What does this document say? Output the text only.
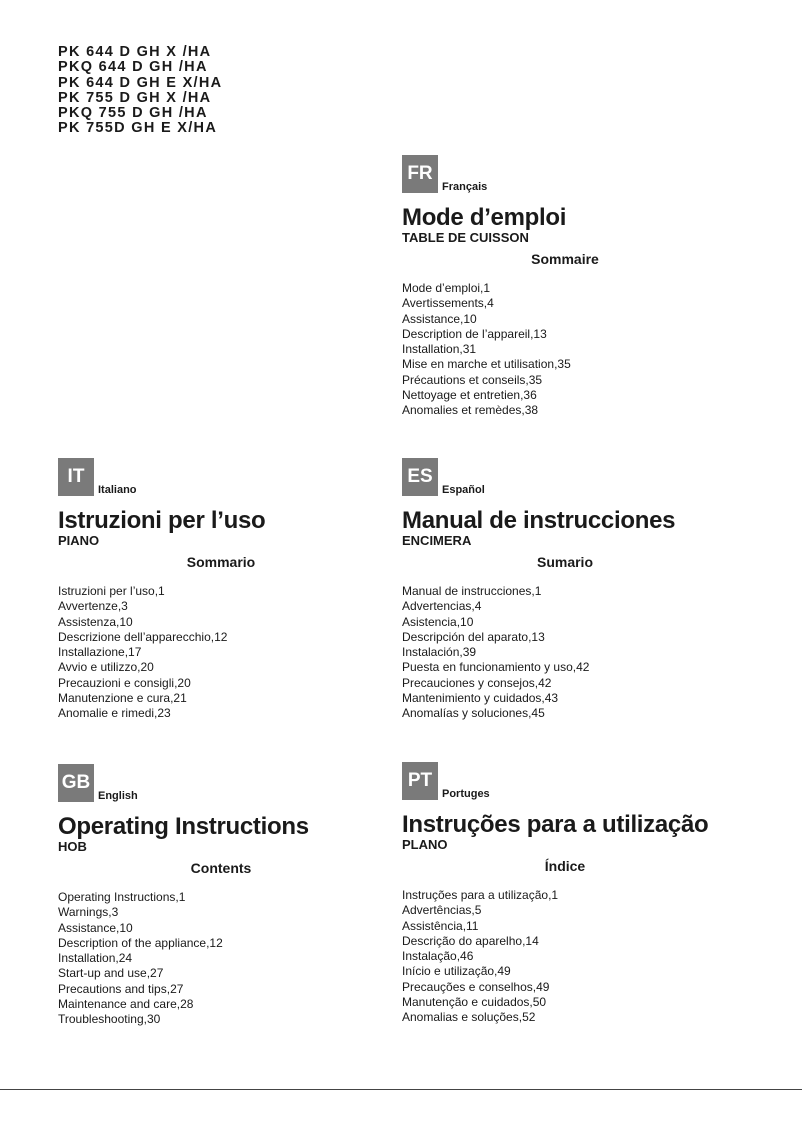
PK 644 D GH X /HA
PKQ 644 D GH /HA
PK 644 D GH E X/HA
PK 755 D GH X /HA
PKQ 755 D GH /HA
PK 755D GH E X/HA
FR
Français
Mode d’emploi
TABLE DE CUISSON
Sommaire
Mode d’emploi,1
Avertissements,4
Assistance,10
Description de l’appareil,13
Installation,31
Mise en marche et utilisation,35
Précautions et conseils,35
Nettoyage et entretien,36
Anomalies et remèdes,38
IT
Italiano
Istruzioni per l’uso
PIANO
Sommario
Istruzioni per l’uso,1
Avvertenze,3
Assistenza,10
Descrizione dell’apparecchio,12
Installazione,17
Avvio e utilizzo,20
Precauzioni e consigli,20
Manutenzione e cura,21
Anomalie e rimedi,23
ES
Español
Manual de instrucciones
ENCIMERA
Sumario
Manual de instrucciones,1
Advertencias,4
Asistencia,10
Descripción del aparato,13
Instalación,39
Puesta en funcionamiento y uso,42
Precauciones y consejos,42
Mantenimiento y cuidados,43
Anomalías y soluciones,45
GB
English
Operating Instructions
HOB
Contents
Operating Instructions,1
Warnings,3
Assistance,10
Description of the appliance,12
Installation,24
Start-up and use,27
Precautions and tips,27
Maintenance and care,28
Troubleshooting,30
PT
Portuges
Instruções para a utilização
PLANO
Índice
Instruções para a utilização,1
Advertências,5
Assistência,11
Descrição do aparelho,14
Instalação,46
Início e utilização,49
Precauções e conselhos,49
Manutenção e cuidados,50
Anomalias e soluções,52
